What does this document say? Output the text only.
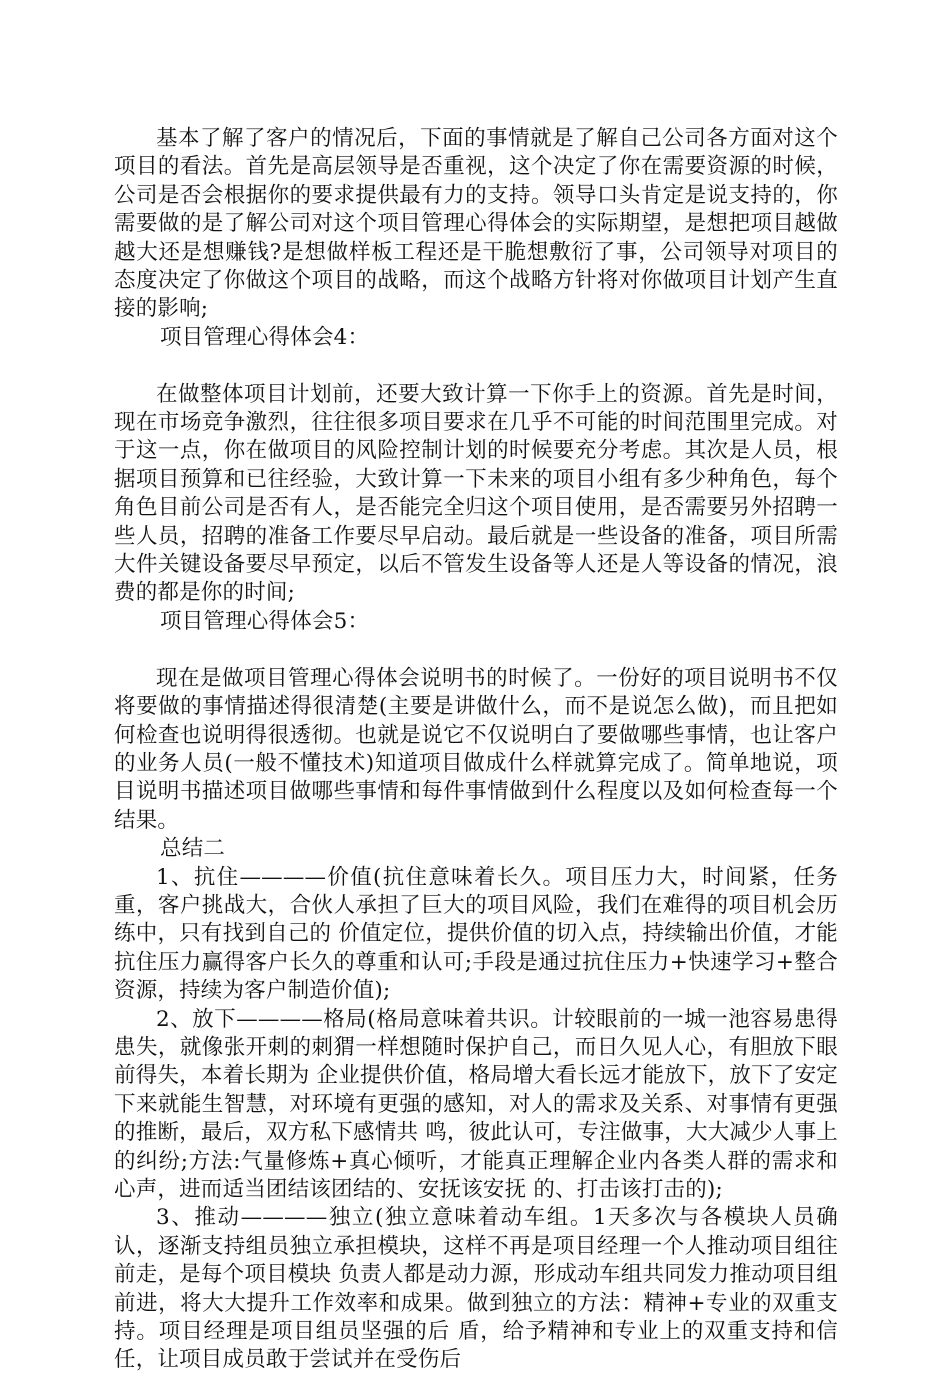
基本了解了客户的情况后，下面的事情就是了解自己公司各方面对这个项目的看法。首先是高层领导是否重视，这个决定了你在需要资源的时候，公司是否会根据你的要求提供最有力的支持。领导口头肯定是说支持的，你需要做的是了解公司对这个项目管理心得体会的实际期望，是想把项目越做越大还是想赚钱?是想做样板工程还是干脆想敷衍了事，公司领导对项目的态度决定了你做这个项目的战略，而这个战略方针将对你做项目计划产生直接的影响;

项目管理心得体会4：

在做整体项目计划前，还要大致计算一下你手上的资源。首先是时间，现在市场竞争激烈，往往很多项目要求在几乎不可能的时间范围里完成。对于这一点，你在做项目的风险控制计划的时候要充分考虑。其次是人员，根据项目预算和已往经验，大致计算一下未来的项目小组有多少种角色，每个角色目前公司是否有人，是否能完全归这个项目使用，是否需要另外招聘一些人员，招聘的准备工作要尽早启动。最后就是一些设备的准备，项目所需大件关键设备要尽早预定，以后不管发生设备等人还是人等设备的情况，浪费的都是你的时间;

项目管理心得体会5：

现在是做项目管理心得体会说明书的时候了。一份好的项目说明书不仅将要做的事情描述得很清楚(主要是讲做什么，而不是说怎么做)，而且把如何检查也说明得很透彻。也就是说它不仅说明白了要做哪些事情，也让客户的业务人员(一般不懂技术)知道项目做成什么样就算完成了。简单地说，项目说明书描述项目做哪些事情和每件事情做到什么程度以及如何检查每一个结果。

总结二

1、抗住————价值(抗住意味着长久。项目压力大，时间紧，任务重，客户挑战大，合伙人承担了巨大的项目风险，我们在难得的项目机会历练中，只有找到自己的 价值定位，提供价值的切入点，持续输出价值，才能抗住压力赢得客户长久的尊重和认可;手段是通过抗住压力+快速学习+整合资源，持续为客户制造价值);

2、放下————格局(格局意味着共识。计较眼前的一城一池容易患得患失，就像张开刺的刺猬一样想随时保护自己，而日久见人心，有胆放下眼前得失，本着长期为 企业提供价值，格局增大看长远才能放下，放下了安定下来就能生智慧，对环境有更强的感知，对人的需求及关系、对事情有更强的推断，最后，双方私下感情共 鸣，彼此认可，专注做事，大大减少人事上的纠纷;方法:气量修炼+真心倾听，才能真正理解企业内各类人群的需求和心声，进而适当团结该团结的、安抚该安抚 的、打击该打击的);

3、推动————独立(独立意味着动车组。1天多次与各模块人员确认，逐渐支持组员独立承担模块，这样不再是项目经理一个人推动项目组往前走，是每个项目模块 负责人都是动力源，形成动车组共同发力推动项目组前进，将大大提升工作效率和成果。做到独立的方法：精神+专业的双重支持。项目经理是项目组员坚强的后 盾，给予精神和专业上的双重支持和信任，让项目成员敢于尝试并在受伤后
